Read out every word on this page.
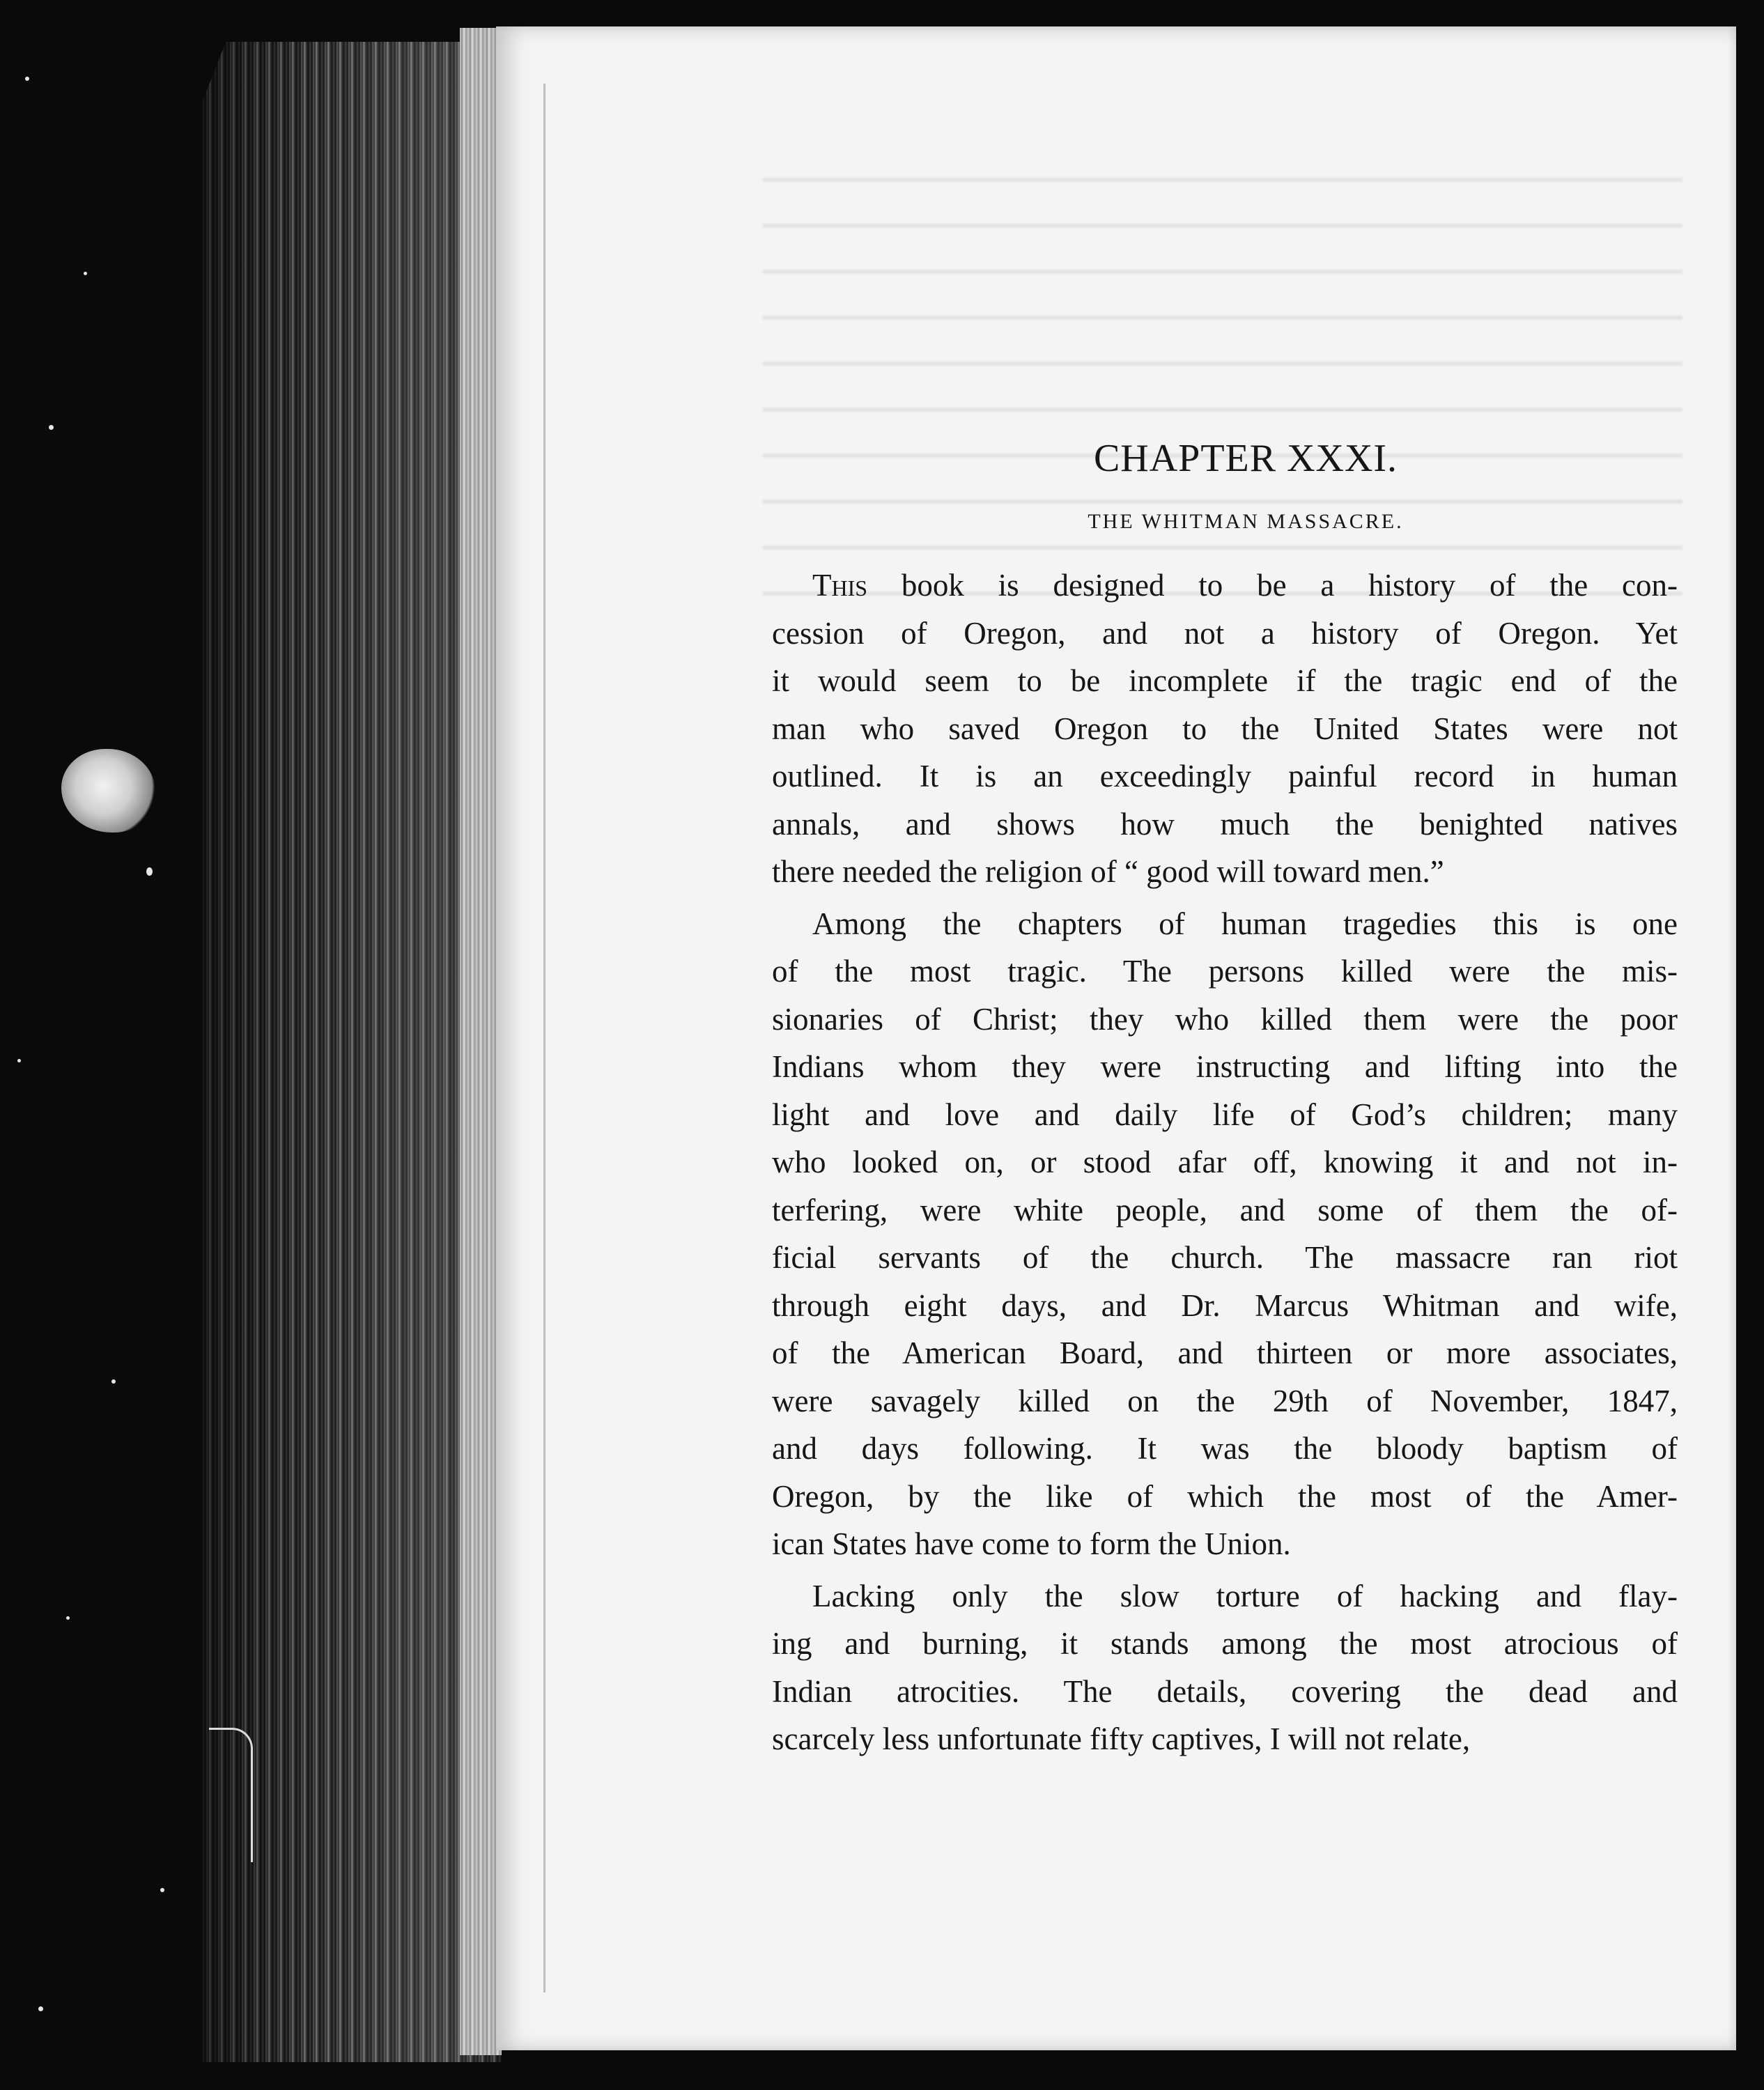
CHAPTER XXXI.
THE WHITMAN MASSACRE.
This book is designed to be a history of the con-
cession of Oregon, and not a history of Oregon. Yet
it would seem to be incomplete if the tragic end of the
man who saved Oregon to the United States were not
outlined. It is an exceedingly painful record in human
annals, and shows how much the benighted natives
there needed the religion of “ good will toward men.”
Among the chapters of human tragedies this is one
of the most tragic. The persons killed were the mis-
sionaries of Christ; they who killed them were the poor
Indians whom they were instructing and lifting into the
light and love and daily life of God’s children; many
who looked on, or stood afar off, knowing it and not in-
terfering, were white people, and some of them the of-
ficial servants of the church. The massacre ran riot
through eight days, and Dr. Marcus Whitman and wife,
of the American Board, and thirteen or more associates,
were savagely killed on the 29th of November, 1847,
and days following. It was the bloody baptism of
Oregon, by the like of which the most of the Amer-
ican States have come to form the Union.
Lacking only the slow torture of hacking and flay-
ing and burning, it stands among the most atrocious of
Indian atrocities. The details, covering the dead and
scarcely less unfortunate fifty captives, I will not relate,
